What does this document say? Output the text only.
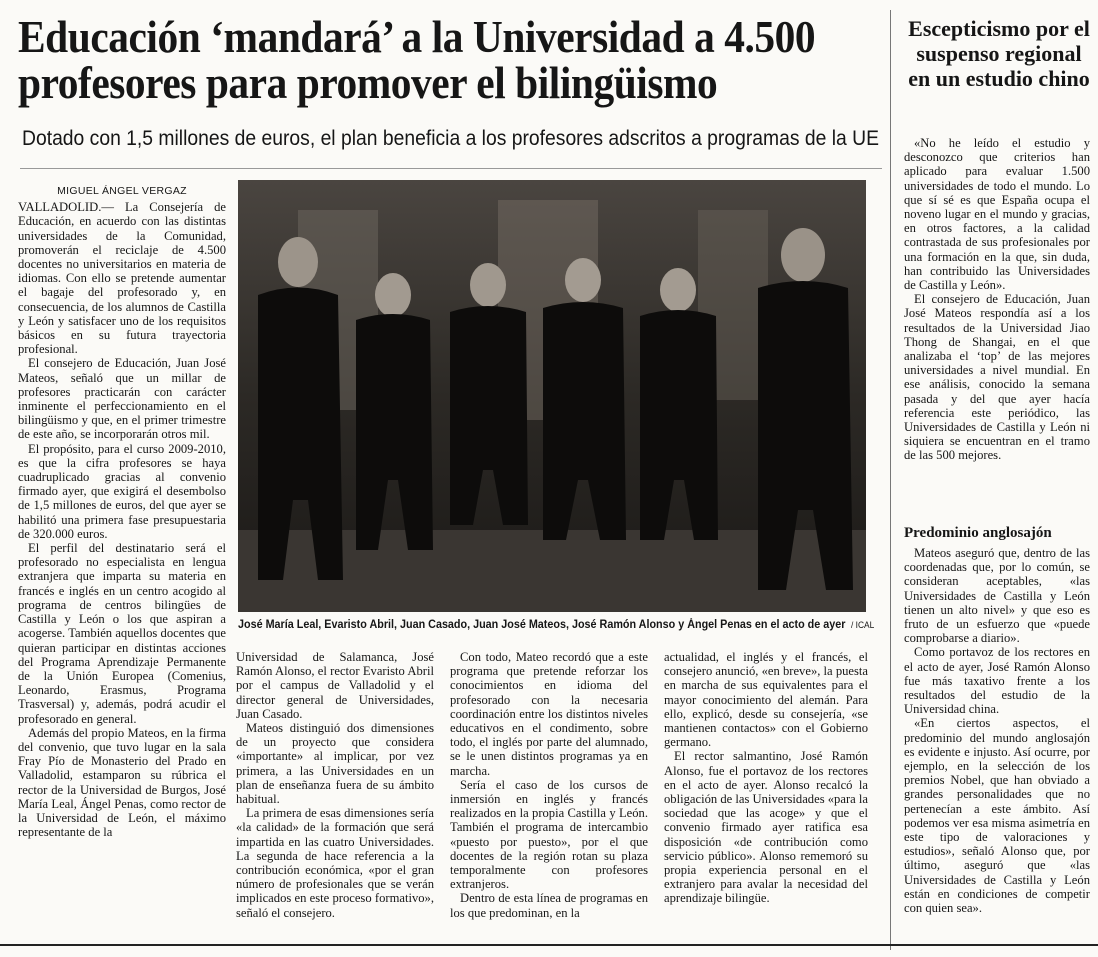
Educación ‘mandará’ a la Universidad a 4.500
profesores para promover el bilingüismo
Dotado con 1,5 millones de euros, el plan beneficia a los profesores adscritos a programas de la UE
MIGUEL ÁNGEL VERGAZ

VALLADOLID.— La Consejería de Educación, en acuerdo con las distintas universidades de la Comunidad, promoverán el reciclaje de 4.500 docentes no universitarios en materia de idiomas. Con ello se pretende aumentar el bagaje del profesorado y, en consecuencia, de los alumnos de Castilla y León y satisfacer uno de los requisitos básicos en su futura trayectoria profesional.

El consejero de Educación, Juan José Mateos, señaló que un millar de profesores practicarán con carácter inminente el perfeccionamiento en el bilingüismo y que, en el primer trimestre de este año, se incorporarán otros mil.

El propósito, para el curso 2009-2010, es que la cifra profesores se haya cuadruplicado gracias al convenio firmado ayer, que exigirá el desembolso de 1,5 millones de euros, del que ayer se habilitó una primera fase presupuestaria de 320.000 euros.

El perfil del destinatario será el profesorado no especialista en lengua extranjera que imparta su materia en francés e inglés en un centro acogido al programa de centros bilingües de Castilla y León o los que aspiran a acogerse. También aquellos docentes que quieran participar en distintas acciones del Programa Aprendizaje Permanente de la Unión Europea (Comenius, Leonardo, Erasmus, Programa Trasversal) y, además, podrá acudir el profesorado en general.

Además del propio Mateos, en la firma del convenio, que tuvo lugar en la sala Fray Pío de Monasterio del Prado en Valladolid, estamparon su rúbrica el rector de la Universidad de Burgos, José María Leal, Ángel Penas, como rector de la Universidad de León, el máximo representante de la

José María Leal, Evaristo Abril, Juan Casado, Juan José Mateos, José Ramón Alonso y Ángel Penas en el acto de ayer / ICAL

Universidad de Salamanca, José Ramón Alonso, el rector Evaristo Abril por el campus de Valladolid y el director general de Universidades, Juan Casado.

Mateos distinguió dos dimensiones de un proyecto que considera «importante» al implicar, por vez primera, a las Universidades en un plan de enseñanza fuera de su ámbito habitual.

La primera de esas dimensiones sería «la calidad» de la formación que será impartida en las cuatro Universidades. La segunda de hace referencia a la contribución económica, «por el gran número de profesionales que se verán implicados en este proceso formativo», señaló el consejero.

Con todo, Mateo recordó que a este programa que pretende reforzar los conocimientos en idioma del profesorado con la necesaria coordinación entre los distintos niveles educativos en el condimento, sobre todo, el inglés por parte del alumnado, se le unen distintos programas ya en marcha.

Sería el caso de los cursos de inmersión en inglés y francés realizados en la propia Castilla y León. También el programa de intercambio «puesto por puesto», por el que docentes de la región rotan su plaza temporalmente con profesores extranjeros.

Dentro de esta línea de programas en los que predominan, en la

actualidad, el inglés y el francés, el consejero anunció, «en breve», la puesta en marcha de sus equivalentes para el mayor conocimiento del alemán. Para ello, explicó, desde su consejería, «se mantienen contactos» con el Gobierno germano.

El rector salmantino, José Ramón Alonso, fue el portavoz de los rectores en el acto de ayer. Alonso recalcó la obligación de las Universidades «para la sociedad que las acoge» y que el convenio firmado ayer ratifica esa disposición «de contribución como servicio público». Alonso rememoró su propia experiencia personal en el extranjero para avalar la necesidad del aprendizaje bilingüe.

Escepticismo por el suspenso regional en un estudio chino

«No he leído el estudio y desconozco que criterios han aplicado para evaluar 1.500 universidades de todo el mundo. Lo que sí sé es que España ocupa el noveno lugar en el mundo y gracias, en otros factores, a la calidad contrastada de sus profesionales por una formación en la que, sin duda, han contribuido las Universidades de Castilla y León».

El consejero de Educación, Juan José Mateos respondía así a los resultados de la Universidad Jiao Thong de Shangai, en el que analizaba el ‘top’ de las mejores universidades a nivel mundial. En ese análisis, conocido la semana pasada y del que ayer hacía referencia este periódico, las Universidades de Castilla y León ni siquiera se encuentran en el tramo de las 500 mejores.

Predominio anglosajón

Mateos aseguró que, dentro de las coordenadas que, por lo común, se consideran aceptables, «las Universidades de Castilla y León tienen un alto nivel» y que eso es fruto de un esfuerzo que «puede comprobarse a diario».

Como portavoz de los rectores en el acto de ayer, José Ramón Alonso fue más taxativo frente a los resultados del estudio de la Universidad china.

«En ciertos aspectos, el predominio del mundo anglosajón es evidente e injusto. Así ocurre, por ejemplo, en la selección de los premios Nobel, que han obviado a grandes personalidades que no pertenecían a este ámbito. Así podemos ver esa misma asimetría en este tipo de valoraciones y estudios», señaló Alonso que, por último, aseguró que «las Universidades de Castilla y León están en condiciones de competir con quien sea».
